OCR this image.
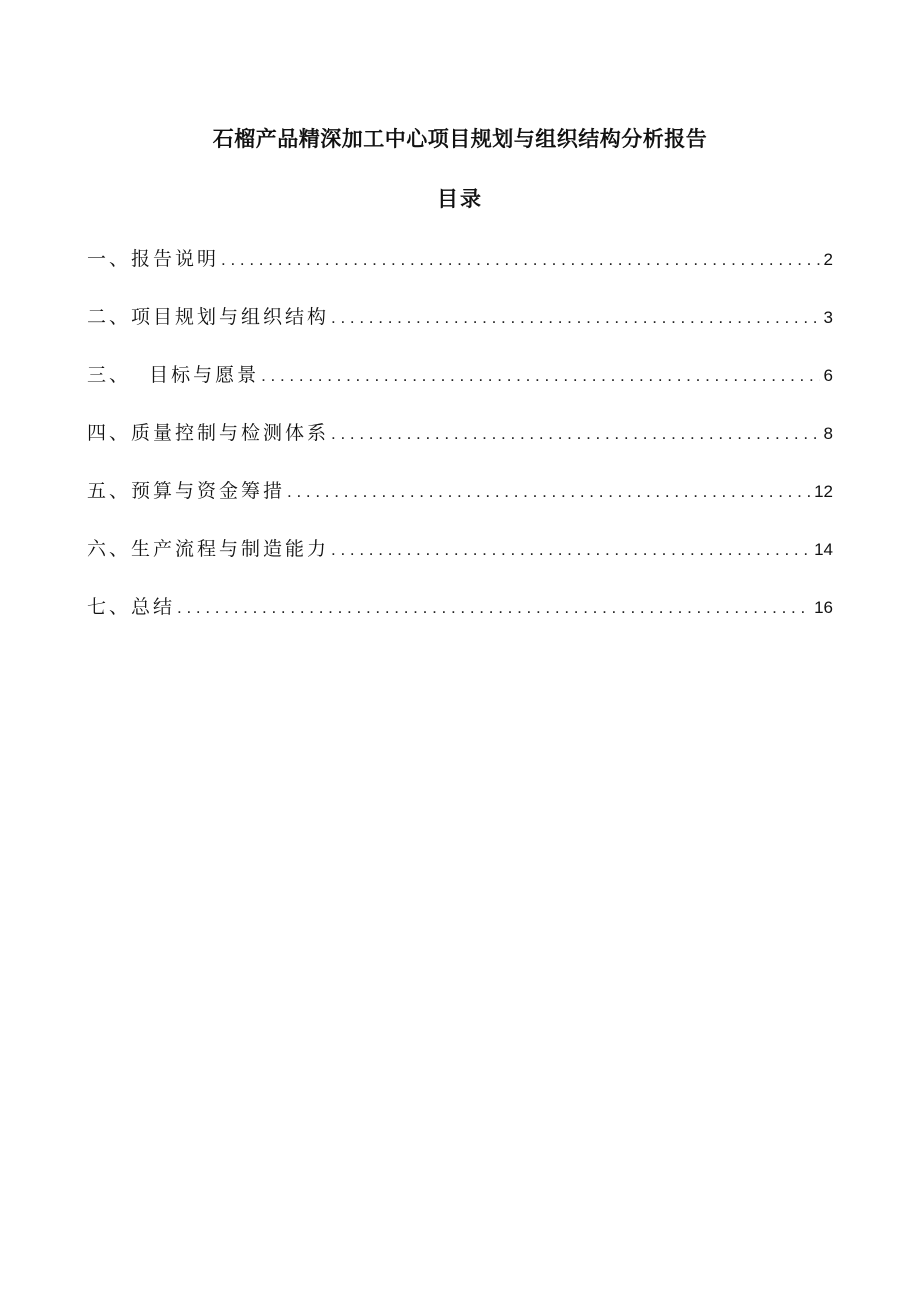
石榴产品精深加工中心项目规划与组织结构分析报告
目录
一、报告说明 . . .	2
二、项目规划与组织结构 . . .	3
三、  目标与愿景 . . .	6
四、质量控制与检测体系 . . .	8
五、预算与资金筹措 . . .	12
六、生产流程与制造能力 . . .	14
七、总结 . . .	16
